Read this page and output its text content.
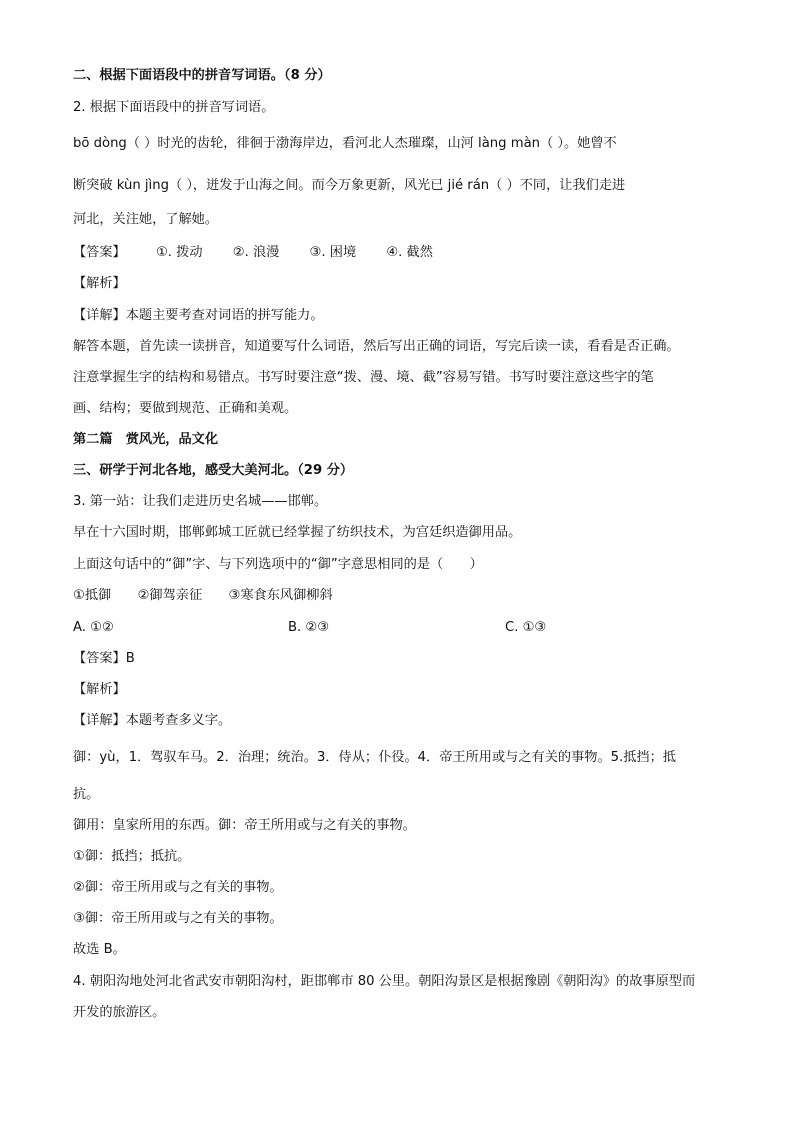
二、根据下面语段中的拼音写词语。（8 分）
2. 根据下面语段中的拼音写词语。
bō dòng（ ）时光的齿轮，徘徊于渤海岸边，看河北人杰璀璨，山河 làng màn（ ）。她曾不
断突破 kùn jìng（ ），迸发于山海之间。而今万象更新，风光已 jié rán（ ）不同，让我们走进
河北，关注她，了解她。
【答案】 ①. 拨动 ②. 浪漫 ③. 困境 ④. 截然
【解析】
【详解】本题主要考查对词语的拼写能力。
解答本题，首先读一读拼音，知道要写什么词语，然后写出正确的词语，写完后读一读，看看是否正确。
注意掌握生字的结构和易错点。书写时要注意“拨、漫、境、截”容易写错。书写时要注意这些字的笔
画、结构；要做到规范、正确和美观。
第二篇　赏风光，品文化
三、研学于河北各地，感受大美河北。（29 分）
3. 第一站：让我们走进历史名城——邯郸。
早在十六国时期，邯郸邺城工匠就已经掌握了纺织技术，为宫廷织造御用品。
上面这句话中的“御”字、与下列选项中的“御”字意思相同的是（　　）
①抵御　　②御驾亲征　　③寒食东风御柳斜
A. ①②	B. ②③	C. ①③
【答案】B
【解析】
【详解】本题考查多义字。
御：yù，1．驾驭车马。2．治理；统治。3．侍从；仆役。4．帝王所用或与之有关的事物。5.抵挡；抵
抗。
御用：皇家所用的东西。御：帝王所用或与之有关的事物。
①御：抵挡；抵抗。
②御：帝王所用或与之有关的事物。
③御：帝王所用或与之有关的事物。
故选 B。
4. 朝阳沟地处河北省武安市朝阳沟村，距邯郸市 80 公里。朝阳沟景区是根据豫剧《朝阳沟》的故事原型而
开发的旅游区。
